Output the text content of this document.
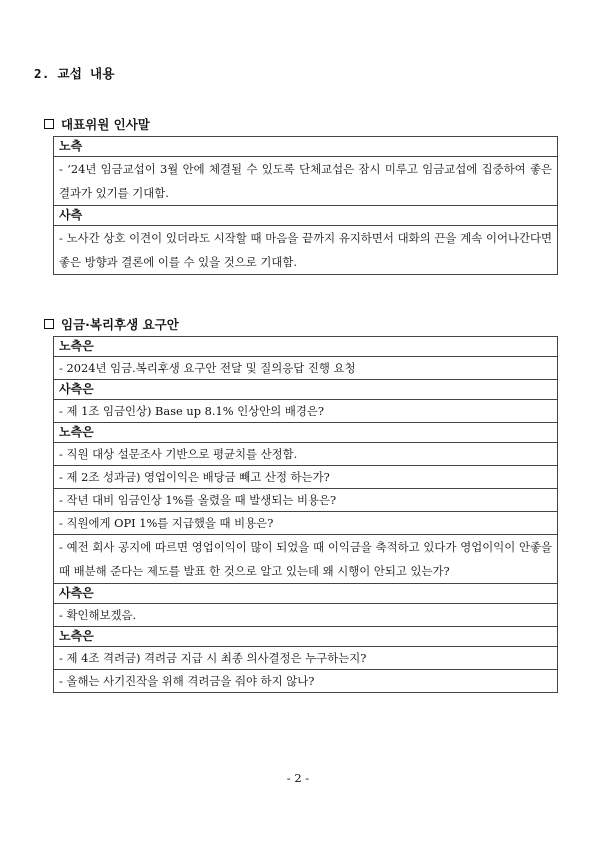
2. 교섭 내용
대표위원 인사말
노측
- ‘24년 임금교섭이 3월 안에 체결될 수 있도록 단체교섭은 잠시 미루고 임금교섭에 집중하여 좋은 결과가 있기를 기대함.
사측
- 노사간 상호 이견이 있더라도 시작할 때 마음을 끝까지 유지하면서 대화의 끈을 계속 이어나간다면 좋은 방향과 결론에 이를 수 있을 것으로 기대함.
임금·복리후생 요구안
노측은
- 2024년 임금.복리후생 요구안 전달 및 질의응답 진행 요청
사측은
- 제 1조 임금인상) Base up 8.1% 인상안의 배경은?
노측은
- 직원 대상 설문조사 기반으로 평균치를 산정함.
- 제 2조 성과금) 영업이익은 배당금 빼고 산정 하는가?
- 작년 대비 임금인상 1%를 올렸을 때 발생되는 비용은?
- 직원에게 OPI 1%를 지급했을 때 비용은?
- 예전 회사 공지에 따르면 영업이익이 많이 되었을 때 이익금을 축적하고 있다가 영업이익이 안좋을 때 배분해 준다는 제도를 발표 한 것으로 알고 있는데 왜 시행이 안되고 있는가?
사측은
- 확인해보겠음.
노측은
- 제 4조 격려금) 격려금 지급 시 최종 의사결정은 누구하는지?
- 올해는 사기진작을 위해 격려금을 줘야 하지 않나?
- 2 -
